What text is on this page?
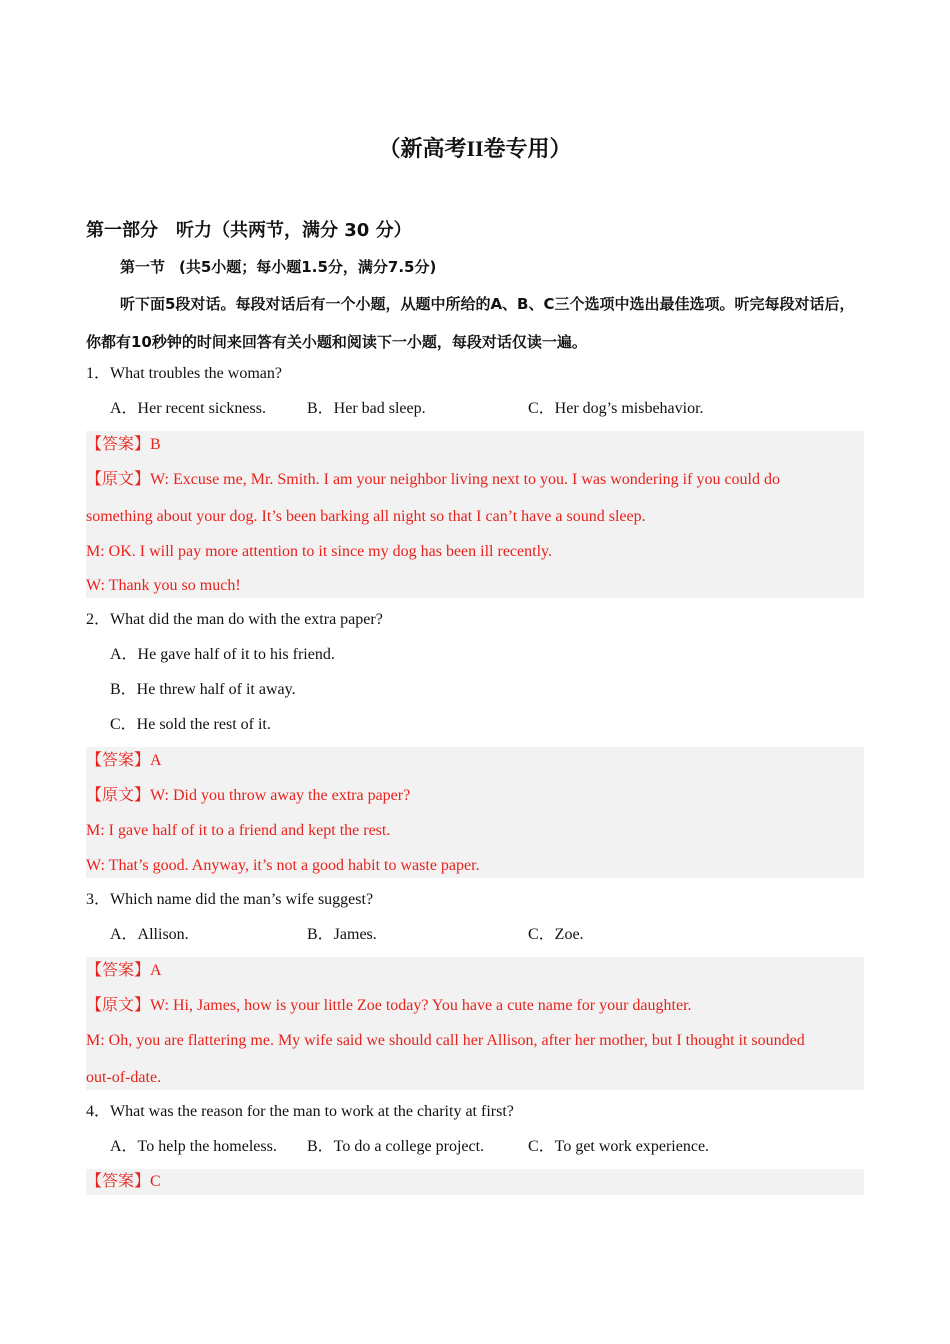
（新高考II卷专用）
第一部分 听力（共两节，满分 30 分）
第一节 (共5小题；每小题1.5分，满分7.5分)
听下面5段对话。每段对话后有一个小题，从题中所给的A、B、C三个选项中选出最佳选项。听完每段对话后，你都有10秒钟的时间来回答有关小题和阅读下一小题，每段对话仅读一遍。
1．What troubles the woman?
A．Her recent sickness.	B．Her bad sleep.	C．Her dog’s misbehavior.
【答案】B
【原文】W: Excuse me, Mr. Smith. I am your neighbor living next to you. I was wondering if you could do
something about your dog. It’s been barking all night so that I can’t have a sound sleep.
M: OK. I will pay more attention to it since my dog has been ill recently.
W: Thank you so much!
2．What did the man do with the extra paper?
A．He gave half of it to his friend.
B．He threw half of it away.
C．He sold the rest of it.
【答案】A
【原文】W: Did you throw away the extra paper?
M: I gave half of it to a friend and kept the rest.
W: That’s good. Anyway, it’s not a good habit to waste paper.
3．Which name did the man’s wife suggest?
A．Allison.	B．James.	C．Zoe.
【答案】A
【原文】W: Hi, James, how is your little Zoe today? You have a cute name for your daughter.
M: Oh, you are flattering me. My wife said we should call her Allison, after her mother, but I thought it sounded
out-of-date.
4．What was the reason for the man to work at the charity at first?
A．To help the homeless. B．To do a college project.	C．To get work experience.
【答案】C
